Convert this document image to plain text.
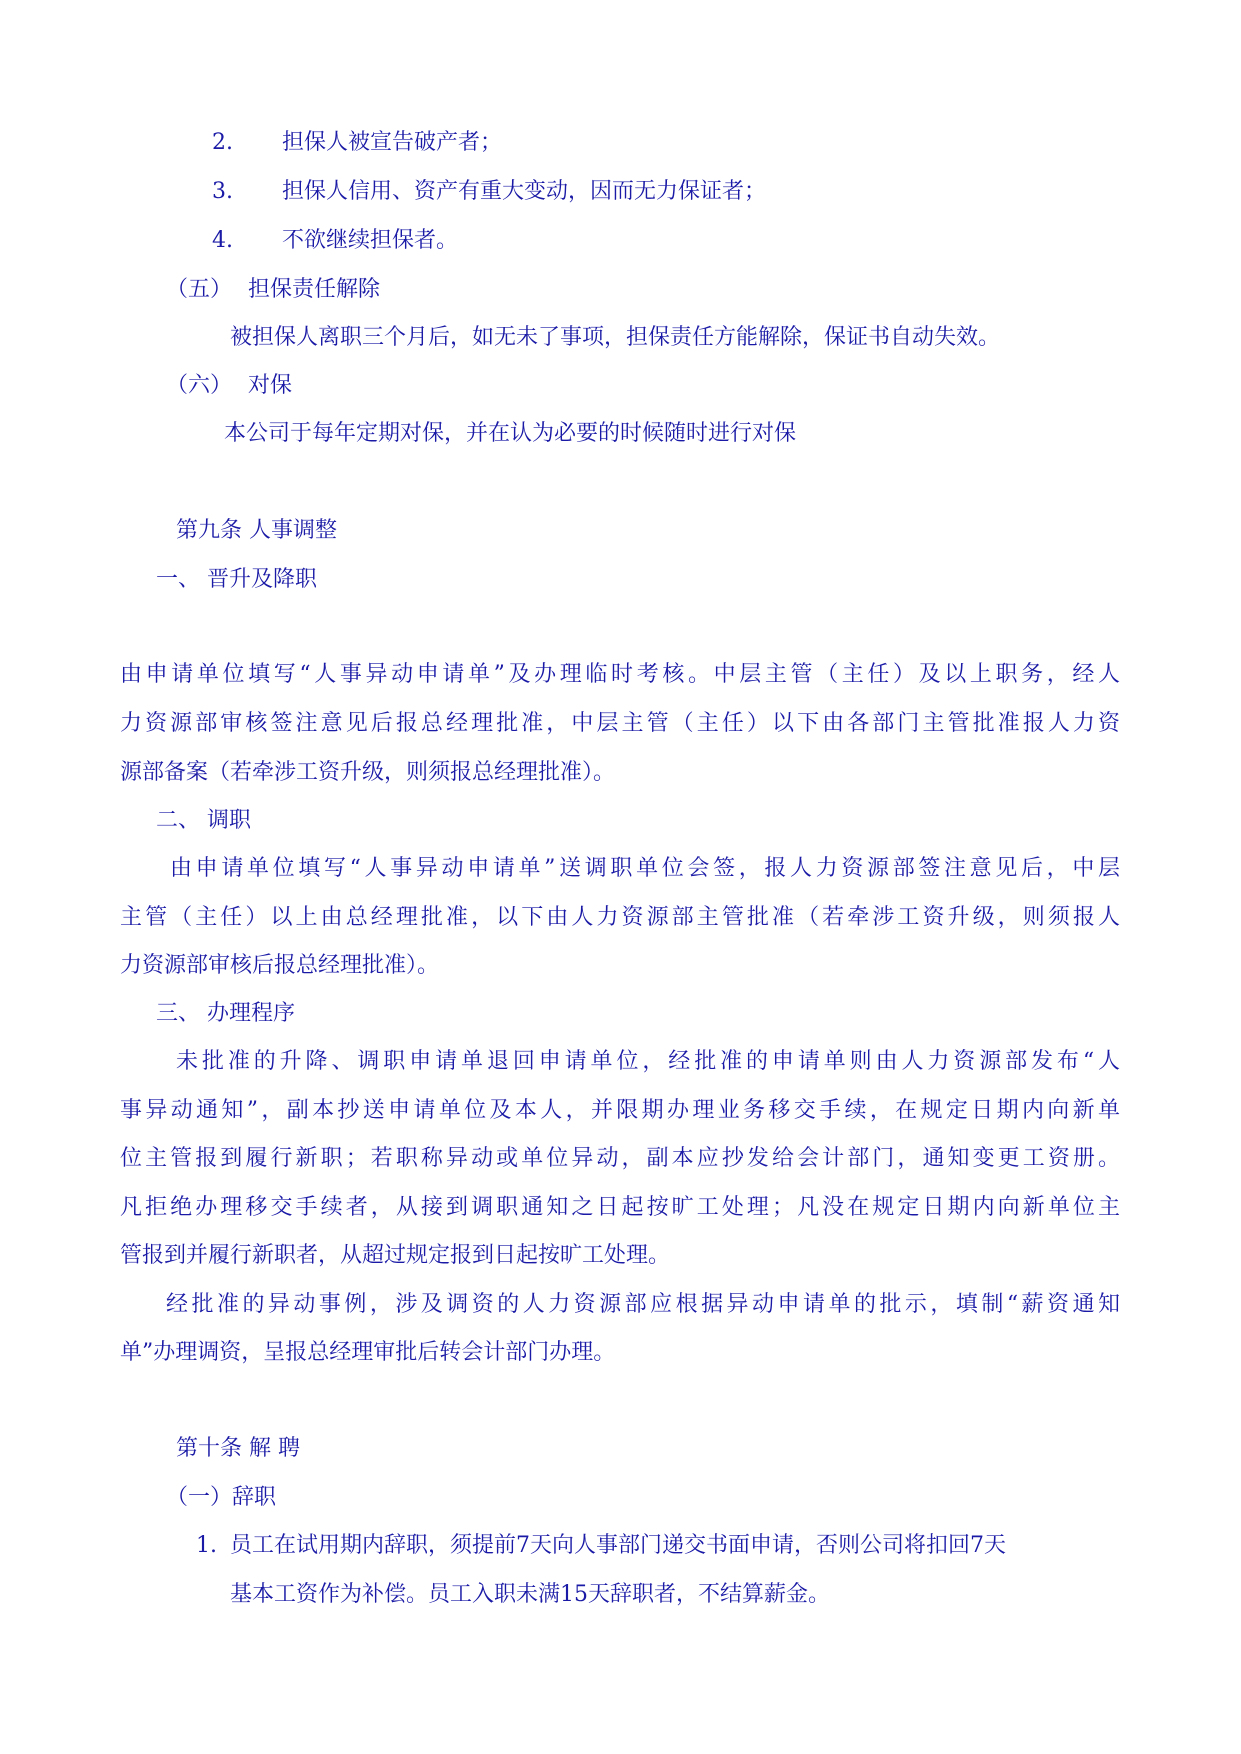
2. 担保人被宣告破产者；
3. 担保人信用、资产有重大变动，因而无力保证者；
4. 不欲继续担保者。
（五） 担保责任解除
被担保人离职三个月后，如无未了事项，担保责任方能解除，保证书自动失效。
（六） 对保
本公司于每年定期对保，并在认为必要的时候随时进行对保
第九条 人事调整
一、 晋升及降职
由申请单位填写“人事异动申请单”及办理临时考核。中层主管（主任）及以上职务，经人
力资源部审核签注意见后报总经理批准，中层主管（主任）以下由各部门主管批准报人力资
源部备案（若牵涉工资升级，则须报总经理批准）。
二、 调职
由申请单位填写“人事异动申请单”送调职单位会签，报人力资源部签注意见后，中层
主管（主任）以上由总经理批准，以下由人力资源部主管批准（若牵涉工资升级，则须报人
力资源部审核后报总经理批准）。
三、 办理程序
未批准的升降、调职申请单退回申请单位，经批准的申请单则由人力资源部发布“人
事异动通知”，副本抄送申请单位及本人，并限期办理业务移交手续，在规定日期内向新单
位主管报到履行新职；若职称异动或单位异动，副本应抄发给会计部门，通知变更工资册。
凡拒绝办理移交手续者，从接到调职通知之日起按旷工处理；凡没在规定日期内向新单位主
管报到并履行新职者，从超过规定报到日起按旷工处理。
经批准的异动事例，涉及调资的人力资源部应根据异动申请单的批示，填制“薪资通知
单”办理调资，呈报总经理审批后转会计部门办理。
第十条 解 聘
（一）辞职
1. 员工在试用期内辞职，须提前7天向人事部门递交书面申请，否则公司将扣回7天
基本工资作为补偿。员工入职未满15天辞职者，不结算薪金。
